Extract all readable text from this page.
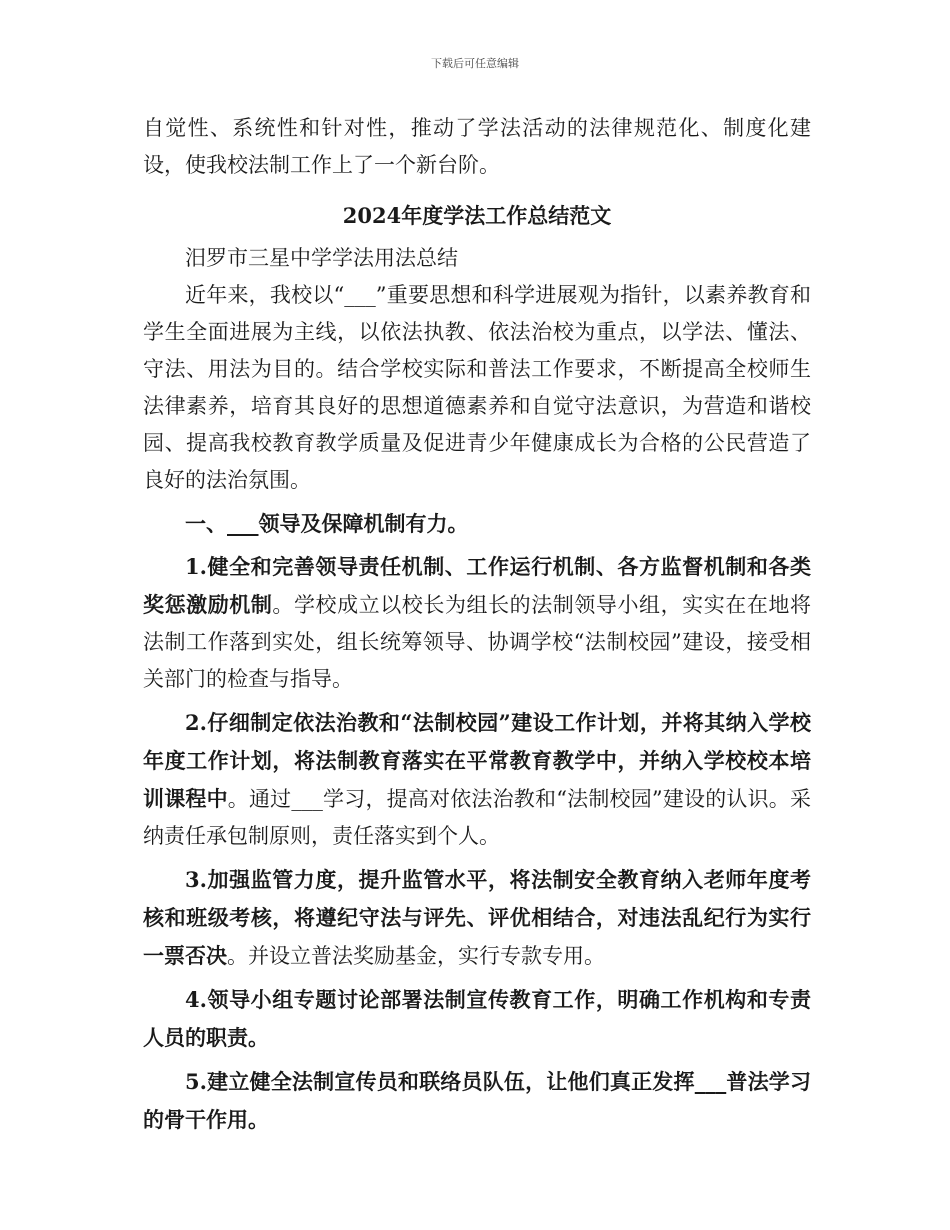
下载后可任意编辑

自觉性、系统性和针对性，推动了学法活动的法律规范化、制度化建设，使我校法制工作上了一个新台阶。

2024年度学法工作总结范文

汨罗市三星中学学法用法总结

近年来，我校以“___”重要思想和科学进展观为指针，以素养教育和学生全面进展为主线，以依法执教、依法治校为重点，以学法、懂法、守法、用法为目的。结合学校实际和普法工作要求，不断提高全校师生法律素养，培育其良好的思想道德素养和自觉守法意识，为营造和谐校园、提高我校教育教学质量及促进青少年健康成长为合格的公民营造了良好的法治氛围。

一、___领导及保障机制有力。

1.健全和完善领导责任机制、工作运行机制、各方监督机制和各类奖惩激励机制。学校成立以校长为组长的法制领导小组，实实在在地将法制工作落到实处，组长统筹领导、协调学校“法制校园”建设，接受相关部门的检查与指导。

2.仔细制定依法治教和“法制校园”建设工作计划，并将其纳入学校年度工作计划，将法制教育落实在平常教育教学中，并纳入学校校本培训课程中。通过___学习，提高对依法治教和“法制校园”建设的认识。采纳责任承包制原则，责任落实到个人。

3.加强监管力度，提升监管水平，将法制安全教育纳入老师年度考核和班级考核，将遵纪守法与评先、评优相结合，对违法乱纪行为实行一票否决。并设立普法奖励基金，实行专款专用。

4.领导小组专题讨论部署法制宣传教育工作，明确工作机构和专责人员的职责。

5.建立健全法制宣传员和联络员队伍，让他们真正发挥___普法学习的骨干作用。
